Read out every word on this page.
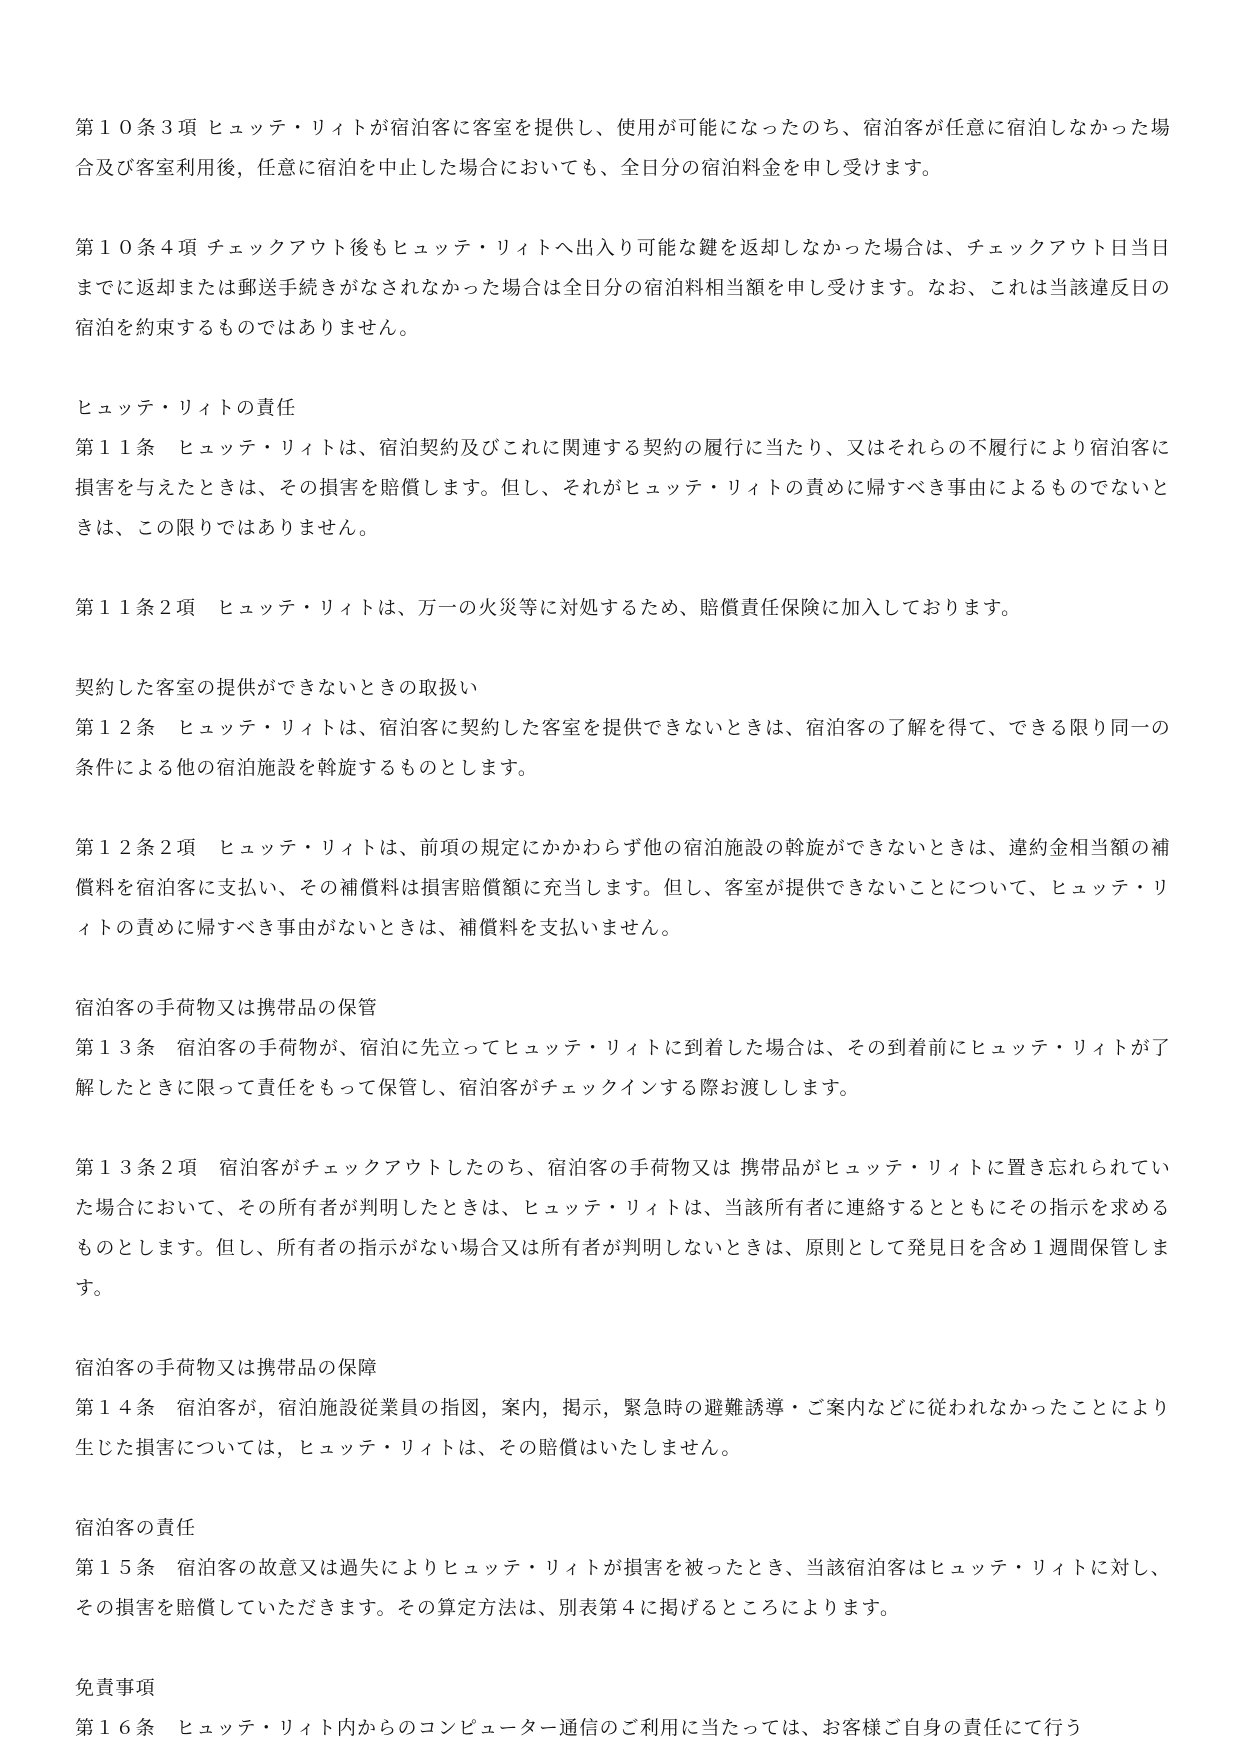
第１０条３項 ヒュッテ・リィトが宿泊客に客室を提供し、使用が可能になったのち、宿泊客が任意に宿泊しなかった場合及び客室利用後，任意に宿泊を中止した場合においても、全日分の宿泊料金を申し受けます。

第１０条４項 チェックアウト後もヒュッテ・リィトへ出入り可能な鍵を返却しなかった場合は、チェックアウト日当日までに返却または郵送手続きがなされなかった場合は全日分の宿泊料相当額を申し受けます。なお、これは当該違反日の宿泊を約束するものではありません。

ヒュッテ・リィトの責任

第１１条　ヒュッテ・リィトは、宿泊契約及びこれに関連する契約の履行に当たり、又はそれらの不履行により宿泊客に損害を与えたときは、その損害を賠償します。但し、それがヒュッテ・リィトの責めに帰すべき事由によるものでないときは、この限りではありません。

第１１条２項　ヒュッテ・リィトは、万一の火災等に対処するため、賠償責任保険に加入しております。

契約した客室の提供ができないときの取扱い

第１２条　ヒュッテ・リィトは、宿泊客に契約した客室を提供できないときは、宿泊客の了解を得て、できる限り同一の条件による他の宿泊施設を斡旋するものとします。

第１２条２項　ヒュッテ・リィトは、前項の規定にかかわらず他の宿泊施設の斡旋ができないときは、違約金相当額の補償料を宿泊客に支払い、その補償料は損害賠償額に充当します。但し、客室が提供できないことについて、ヒュッテ・リィトの責めに帰すべき事由がないときは、補償料を支払いません。

宿泊客の手荷物又は携帯品の保管

第１３条　宿泊客の手荷物が、宿泊に先立ってヒュッテ・リィトに到着した場合は、その到着前にヒュッテ・リィトが了解したときに限って責任をもって保管し、宿泊客がチェックインする際お渡しします。

第１３条２項　宿泊客がチェックアウトしたのち、宿泊客の手荷物又は 携帯品がヒュッテ・リィトに置き忘れられていた場合において、その所有者が判明したときは、ヒュッテ・リィトは、当該所有者に連絡するとともにその指示を求めるものとします。但し、所有者の指示がない場合又は所有者が判明しないときは、原則として発見日を含め１週間保管します。

宿泊客の手荷物又は携帯品の保障

第１４条　宿泊客が，宿泊施設従業員の指図，案内，掲示，緊急時の避難誘導・ご案内などに従われなかったことにより生じた損害については，ヒュッテ・リィトは、その賠償はいたしません。

宿泊客の責任

第１５条　宿泊客の故意又は過失によりヒュッテ・リィトが損害を被ったとき、当該宿泊客はヒュッテ・リィトに対し、その損害を賠償していただきます。その算定方法は、別表第４に掲げるところによります。

免責事項

第１６条　ヒュッテ・リィト内からのコンピューター通信のご利用に当たっては、お客様ご自身の責任にて行う
